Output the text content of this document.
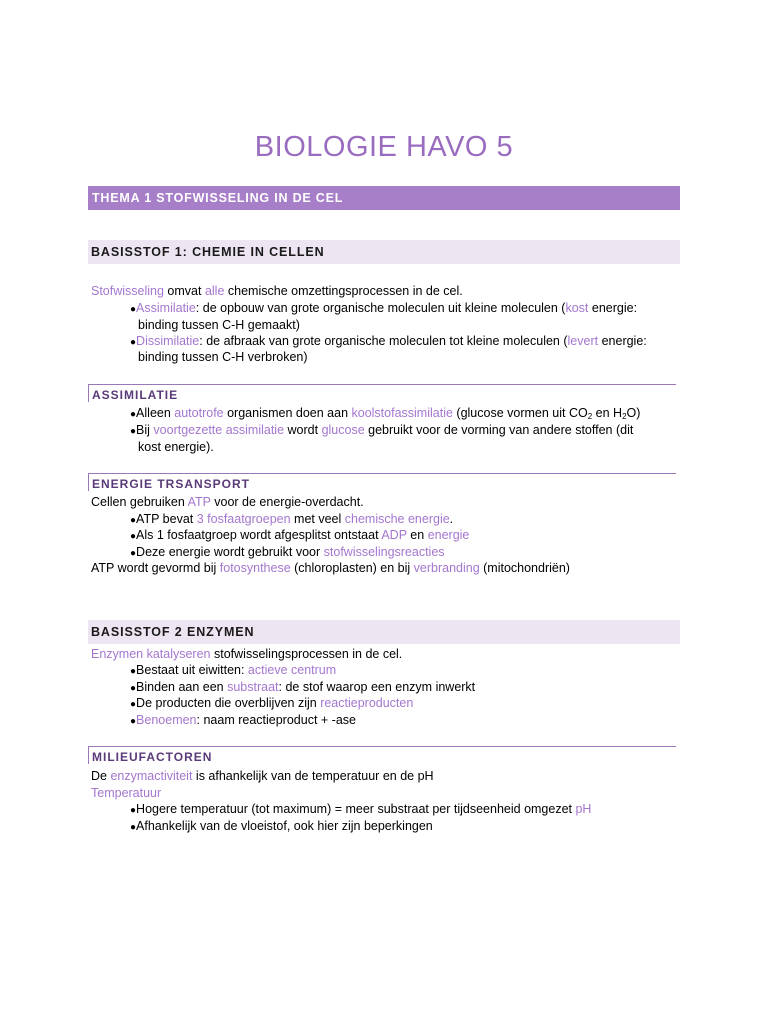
BIOLOGIE HAVO 5
THEMA 1 STOFWISSELING IN DE CEL
BASISSTOF 1: CHEMIE IN CELLEN
Stofwisseling omvat alle chemische omzettingsprocessen in de cel.
●Assimilatie: de opbouw van grote organische moleculen uit kleine moleculen (kost energie:
binding tussen C-H gemaakt)
●Dissimilatie: de afbraak van grote organische moleculen tot kleine moleculen (levert energie:
binding tussen C-H verbroken)
ASSIMILATIE
●Alleen autotrofe organismen doen aan koolstofassimilatie (glucose vormen uit $CO_2$ en $H_2O$)
●Bij voortgezette assimilatie wordt glucose gebruikt voor de vorming van andere stoffen (dit
kost energie).
ENERGIE TRSANSPORT
Cellen gebruiken ATP voor de energie-overdacht.
●ATP bevat 3 fosfaatgroepen met veel chemische energie.
●Als 1 fosfaatgroep wordt afgesplitst ontstaat ADP en energie
●Deze energie wordt gebruikt voor stofwisselingsreacties
ATP wordt gevormd bij fotosynthese (chloroplasten) en bij verbranding (mitochondriën)
BASISSTOF 2 ENZYMEN
Enzymen katalyseren stofwisselingsprocessen in de cel.
●Bestaat uit eiwitten: actieve centrum
●Binden aan een substraat: de stof waarop een enzym inwerkt
●De producten die overblijven zijn reactieproducten
●Benoemen: naam reactieproduct + -ase
MILIEUFACTOREN
De enzymactiviteit is afhankelijk van de temperatuur en de pH
Temperatuur
●Hogere temperatuur (tot maximum) = meer substraat per tijdseenheid omgezet pH
●Afhankelijk van de vloeistof, ook hier zijn beperkingen
